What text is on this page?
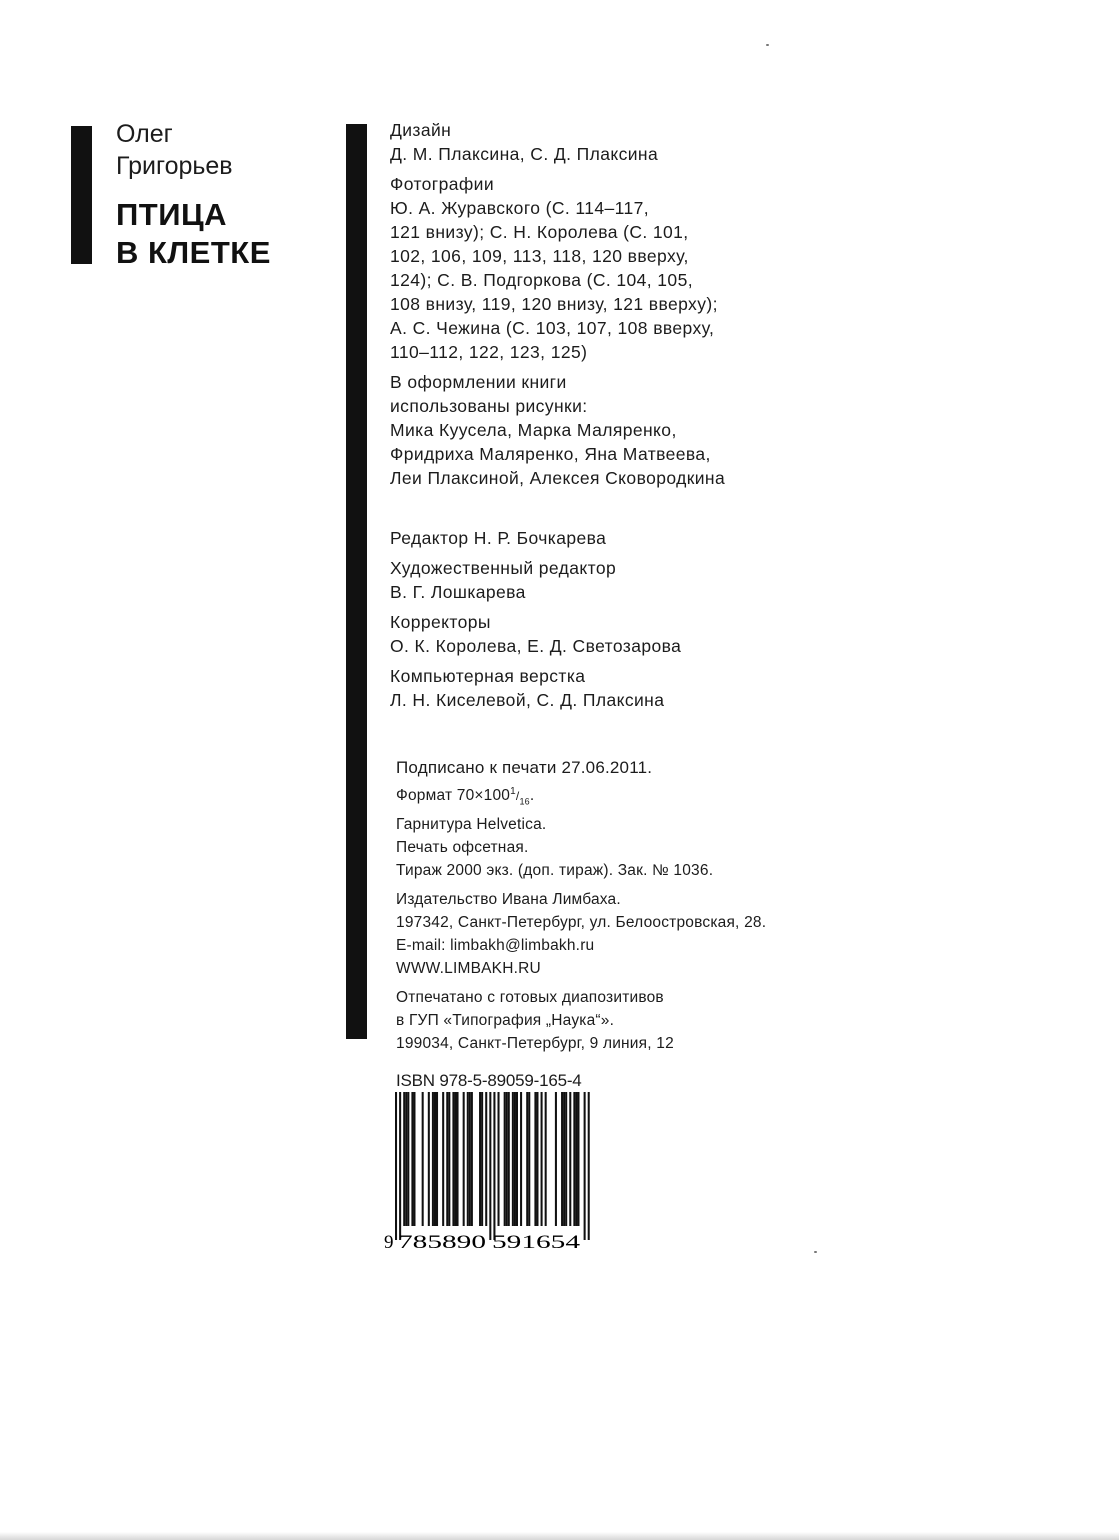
Олег
Григорьев
ПТИЦА
В КЛЕТКЕ
Дизайн
Д. М. Плаксина, С. Д. Плаксина
Фотографии
Ю. А. Журавского (С. 114–117,
121 внизу); С. Н. Королева (С. 101,
102, 106, 109, 113, 118, 120 вверху,
124); С. В. Подгоркова (С. 104, 105,
108 внизу, 119, 120 внизу, 121 вверху);
А. С. Чежина (С. 103, 107, 108 вверху,
110–112, 122, 123, 125)
В оформлении книги
использованы рисунки:
Мика Куусела, Марка Маляренко,
Фридриха Маляренко, Яна Матвеева,
Леи Плаксиной, Алексея Сковородкина
Редактор Н. Р. Бочкарева
Художественный редактор
В. Г. Лошкарева
Корректоры
О. К. Королева, Е. Д. Светозарова
Компьютерная верстка
Л. Н. Киселевой, С. Д. Плаксина
Подписано к печати 27.06.2011.
Формат $70\times 100^1/_{16}$.
Гарнитура Helvetica.
Печать офсетная.
Тираж 2000 экз. (доп. тираж). Зак. № 1036.
Издательство Ивана Лимбаха.
197342, Санкт-Петербург, ул. Белоостровская, 28.
E-mail: limbakh@limbakh.ru
WWW.LIMBAKH.RU
Отпечатано с готовых диапозитивов
в ГУП «Типография „Наука“».
199034, Санкт-Петербург, 9 линия, 12
ISBN 978-5-89059-165-4
9 785890 591654
